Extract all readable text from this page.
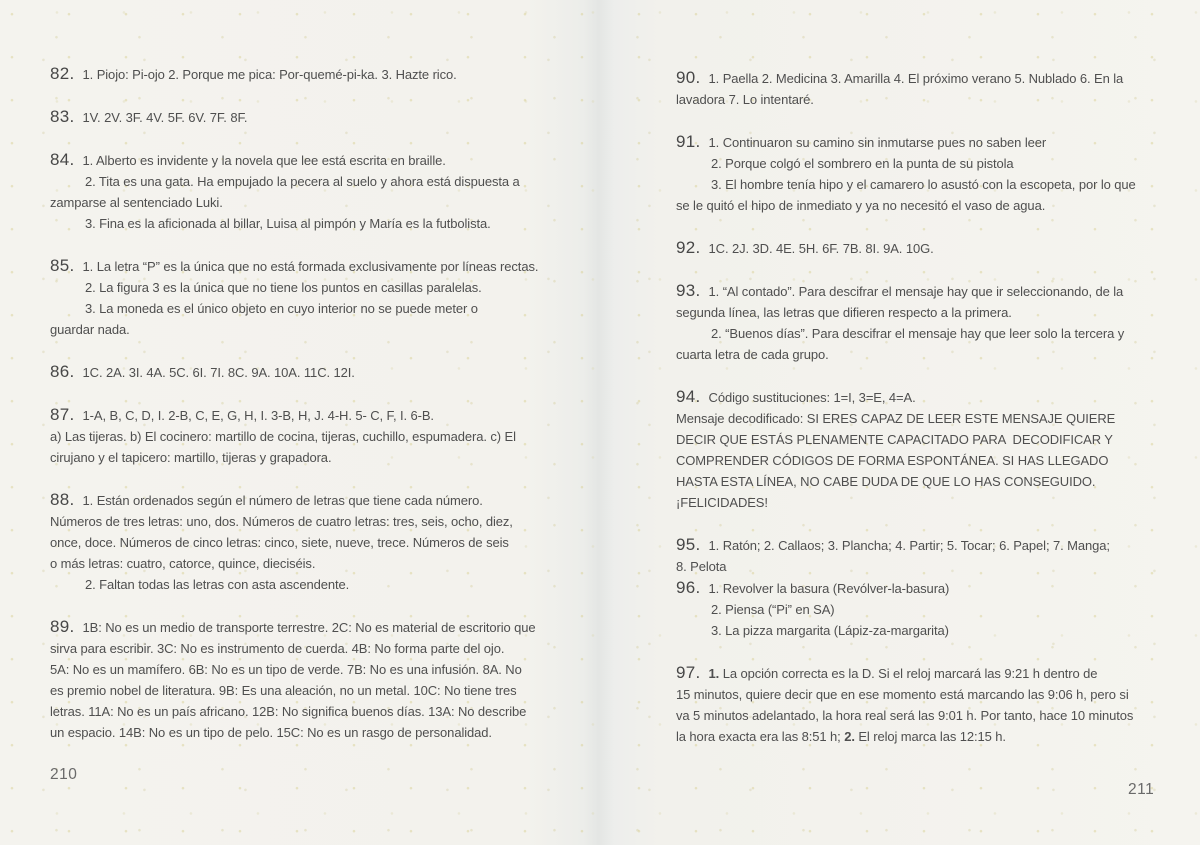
82. 1. Piojo: Pi-ojo 2. Porque me pica: Por-quemé-pi-ka. 3. Hazte rico.
83. 1V. 2V. 3F. 4V. 5F. 6V. 7F. 8F.
84. 1. Alberto es invidente y la novela que lee está escrita en braille.
2. Tita es una gata. Ha empujado la pecera al suelo y ahora está dispuesta a
zamparse al sentenciado Luki.
3. Fina es la aficionada al billar, Luisa al pimpón y María es la futbolista.
85. 1. La letra “P” es la única que no está formada exclusivamente por líneas rectas.
2. La figura 3 es la única que no tiene los puntos en casillas paralelas.
3. La moneda es el único objeto en cuyo interior no se puede meter o
guardar nada.
86. 1C. 2A. 3I. 4A. 5C. 6I. 7I. 8C. 9A. 10A. 11C. 12I.
87. 1-A, B, C, D, I. 2-B, C, E, G, H, I. 3-B, H, J. 4-H. 5- C, F, I. 6-B.
a) Las tijeras. b) El cocinero: martillo de cocina, tijeras, cuchillo, espumadera. c) El
cirujano y el tapicero: martillo, tijeras y grapadora.
88. 1. Están ordenados según el número de letras que tiene cada número.
Números de tres letras: uno, dos. Números de cuatro letras: tres, seis, ocho, diez,
once, doce. Números de cinco letras: cinco, siete, nueve, trece. Números de seis
o más letras: cuatro, catorce, quince, dieciséis.
2. Faltan todas las letras con asta ascendente.
89. 1B: No es un medio de transporte terrestre. 2C: No es material de escritorio que
sirva para escribir. 3C: No es instrumento de cuerda. 4B: No forma parte del ojo.
5A: No es un mamífero. 6B: No es un tipo de verde. 7B: No es una infusión. 8A. No
es premio nobel de literatura. 9B: Es una aleación, no un metal. 10C: No tiene tres
letras. 11A: No es un país africano. 12B: No significa buenos días. 13A: No describe
un espacio. 14B: No es un tipo de pelo. 15C: No es un rasgo de personalidad.
90. 1. Paella 2. Medicina 3. Amarilla 4. El próximo verano 5. Nublado 6. En la
lavadora 7. Lo intentaré.
91. 1. Continuaron su camino sin inmutarse pues no saben leer
2. Porque colgó el sombrero en la punta de su pistola
3. El hombre tenía hipo y el camarero lo asustó con la escopeta, por lo que
se le quitó el hipo de inmediato y ya no necesitó el vaso de agua.
92. 1C. 2J. 3D. 4E. 5H. 6F. 7B. 8I. 9A. 10G.
93. 1. “Al contado”. Para descifrar el mensaje hay que ir seleccionando, de la
segunda línea, las letras que difieren respecto a la primera.
2. “Buenos días”. Para descifrar el mensaje hay que leer solo la tercera y
cuarta letra de cada grupo.
94. Código sustituciones: 1=I, 3=E, 4=A.
Mensaje decodificado: SI ERES CAPAZ DE LEER ESTE MENSAJE QUIERE
DECIR QUE ESTÁS PLENAMENTE CAPACITADO PARA  DECODIFICAR Y
COMPRENDER CÓDIGOS DE FORMA ESPONTÁNEA. SI HAS LLEGADO
HASTA ESTA LÍNEA, NO CABE DUDA DE QUE LO HAS CONSEGUIDO.
¡FELICIDADES!
95. 1. Ratón; 2. Callaos; 3. Plancha; 4. Partir; 5. Tocar; 6. Papel; 7. Manga;
8. Pelota
96. 1. Revolver la basura (Revólver-la-basura)
2. Piensa (“Pi” en SA)
3. La pizza margarita (Lápiz-za-margarita)
97. 1. La opción correcta es la D. Si el reloj marcará las 9:21 h dentro de
15 minutos, quiere decir que en ese momento está marcando las 9:06 h, pero si
va 5 minutos adelantado, la hora real será las 9:01 h. Por tanto, hace 10 minutos
la hora exacta era las 8:51 h; 2. El reloj marca las 12:15 h.
210
211
